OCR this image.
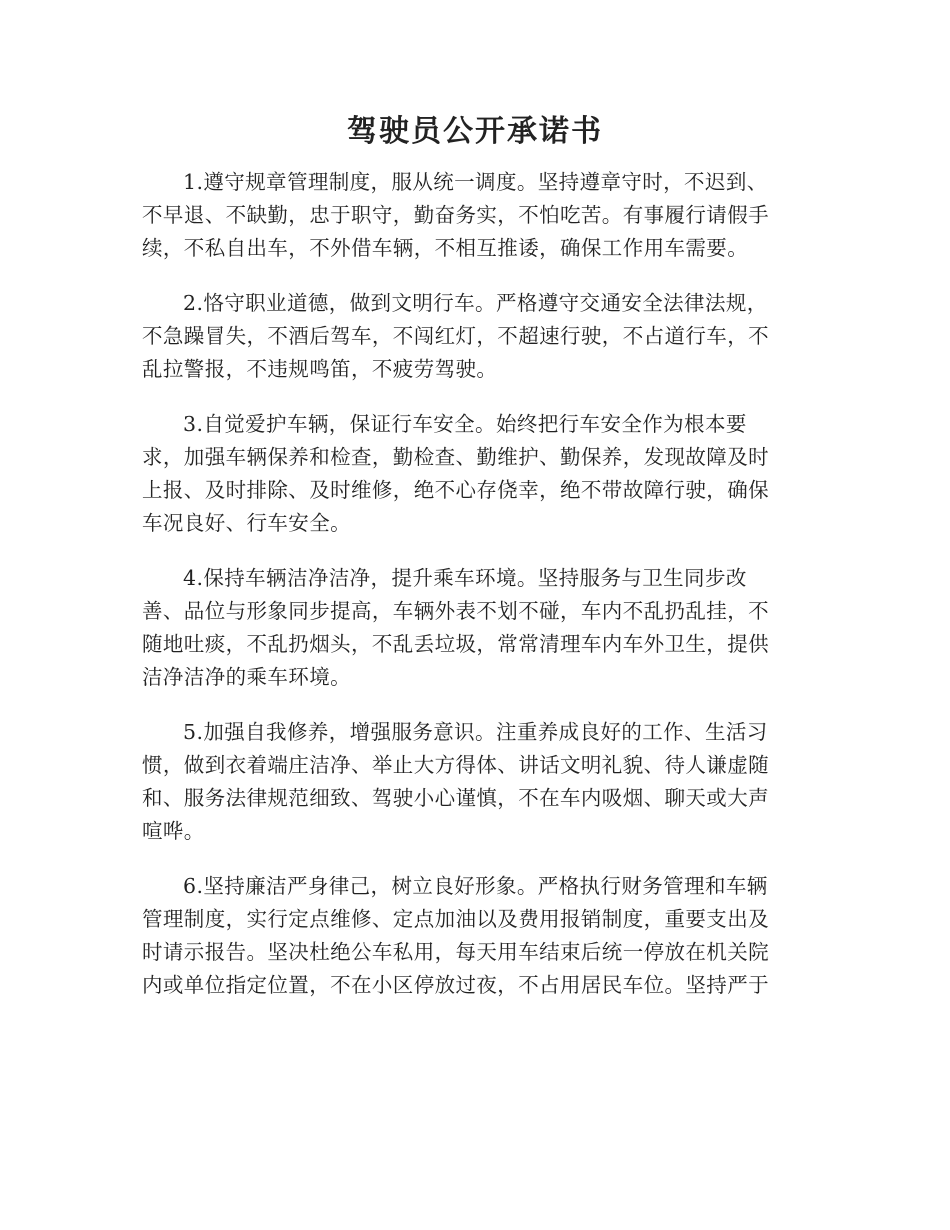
驾驶员公开承诺书

1.遵守规章管理制度，服从统一调度。坚持遵章守时，不迟到、
不早退、不缺勤，忠于职守，勤奋务实，不怕吃苦。有事履行请假手
续，不私自出车，不外借车辆，不相互推诿，确保工作用车需要。

2.恪守职业道德，做到文明行车。严格遵守交通安全法律法规，
不急躁冒失，不酒后驾车，不闯红灯，不超速行驶，不占道行车，不
乱拉警报，不违规鸣笛，不疲劳驾驶。

3.自觉爱护车辆，保证行车安全。始终把行车安全作为根本要
求，加强车辆保养和检查，勤检查、勤维护、勤保养，发现故障及时
上报、及时排除、及时维修，绝不心存侥幸，绝不带故障行驶，确保
车况良好、行车安全。

4.保持车辆洁净洁净，提升乘车环境。坚持服务与卫生同步改
善、品位与形象同步提高，车辆外表不划不碰，车内不乱扔乱挂，不
随地吐痰，不乱扔烟头，不乱丢垃圾，常常清理车内车外卫生，提供
洁净洁净的乘车环境。

5.加强自我修养，增强服务意识。注重养成良好的工作、生活习
惯，做到衣着端庄洁净、举止大方得体、讲话文明礼貌、待人谦虚随
和、服务法律规范细致、驾驶小心谨慎，不在车内吸烟、聊天或大声
喧哗。

6.坚持廉洁严身律己，树立良好形象。严格执行财务管理和车辆
管理制度，实行定点维修、定点加油以及费用报销制度，重要支出及
时请示报告。坚决杜绝公车私用，每天用车结束后统一停放在机关院
内或单位指定位置，不在小区停放过夜，不占用居民车位。坚持严于
